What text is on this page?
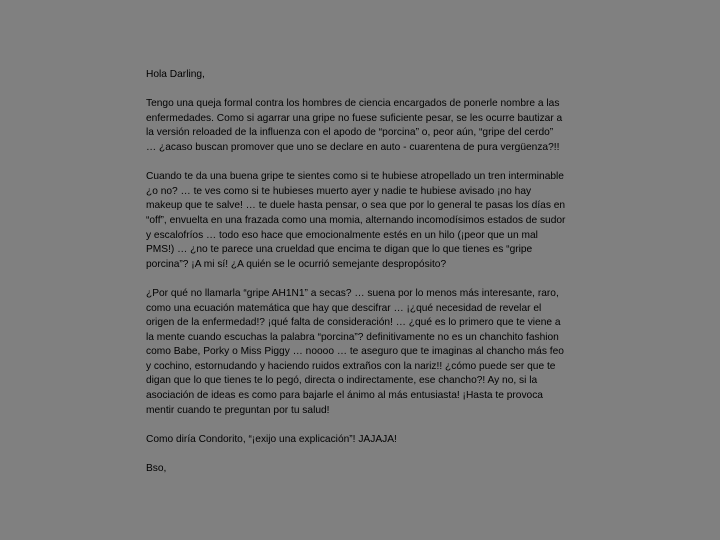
Hola Darling,

Tengo una queja formal contra los hombres de ciencia encargados de ponerle nombre a las enfermedades. Como si agarrar una gripe no fuese suficiente pesar, se les ocurre bautizar a la versión reloaded de la influenza con el apodo de “porcina” o, peor aún, “gripe del cerdo” … ¿acaso buscan promover que uno se declare en auto - cuarentena de pura vergüenza?!!

Cuando te da una buena gripe te sientes como si te hubiese atropellado un tren interminable ¿o no? … te ves como si te hubieses muerto ayer y nadie te hubiese avisado ¡no hay makeup que te salve! … te duele hasta pensar, o sea que por lo general te pasas los días en “off”, envuelta en una frazada como una momia, alternando incomodísimos estados de sudor y escalofríos … todo eso hace que emocionalmente estés en un hilo (¡peor que un mal PMS!) … ¿no te parece una crueldad que encima te digan que lo que tienes es “gripe porcina”? ¡A mi sí! ¿A quién se le ocurrió semejante despropósito?

¿Por qué no llamarla “gripe AH1N1” a secas? … suena por lo menos más interesante, raro, como una ecuación matemática que hay que descifrar … ¡¿qué necesidad de revelar el origen de la enfermedad!? ¡qué falta de consideración! … ¿qué es lo primero que te viene a la mente cuando escuchas la palabra “porcina”? definitivamente no es un chanchito fashion como Babe, Porky o Miss Piggy … noooo … te aseguro que te imaginas al chancho más feo y cochino, estornudando y haciendo ruidos extraños con la nariz!! ¿cómo puede ser que te digan que lo que tienes te lo pegó, directa o indirectamente, ese chancho?! Ay no, si la asociación de ideas es como para bajarle el ánimo al más entusiasta! ¡Hasta te provoca mentir cuando te preguntan por tu salud!

Como diría Condorito, “¡exijo una explicación”! JAJAJA!

Bso,
